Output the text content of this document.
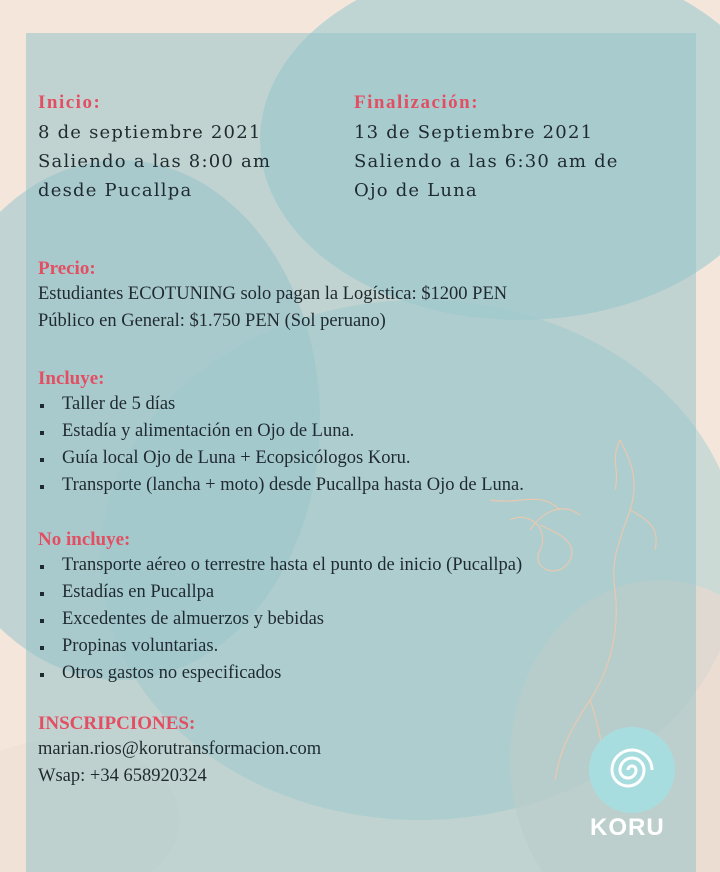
Inicio:
8 de septiembre 2021
Saliendo a las 8:00 am
desde Pucallpa
Finalización:
13 de Septiembre 2021
Saliendo a las 6:30 am de
Ojo de Luna
Precio:
Estudiantes ECOTUNING solo pagan la Logística: $1200 PEN
Público en General: $1.750 PEN (Sol peruano)
Incluye:
Taller de 5 días
Estadía y alimentación en Ojo de Luna.
Guía local Ojo de Luna + Ecopsicólogos Koru.
Transporte (lancha + moto) desde Pucallpa hasta Ojo de Luna.
No incluye:
Transporte aéreo o terrestre hasta el punto de inicio (Pucallpa)
Estadías en Pucallpa
Excedentes de almuerzos y bebidas
Propinas voluntarias.
Otros gastos no especificados
INSCRIPCIONES:
marian.rios@korutransformacion.com
Wsap: +34 658920324
KORU
